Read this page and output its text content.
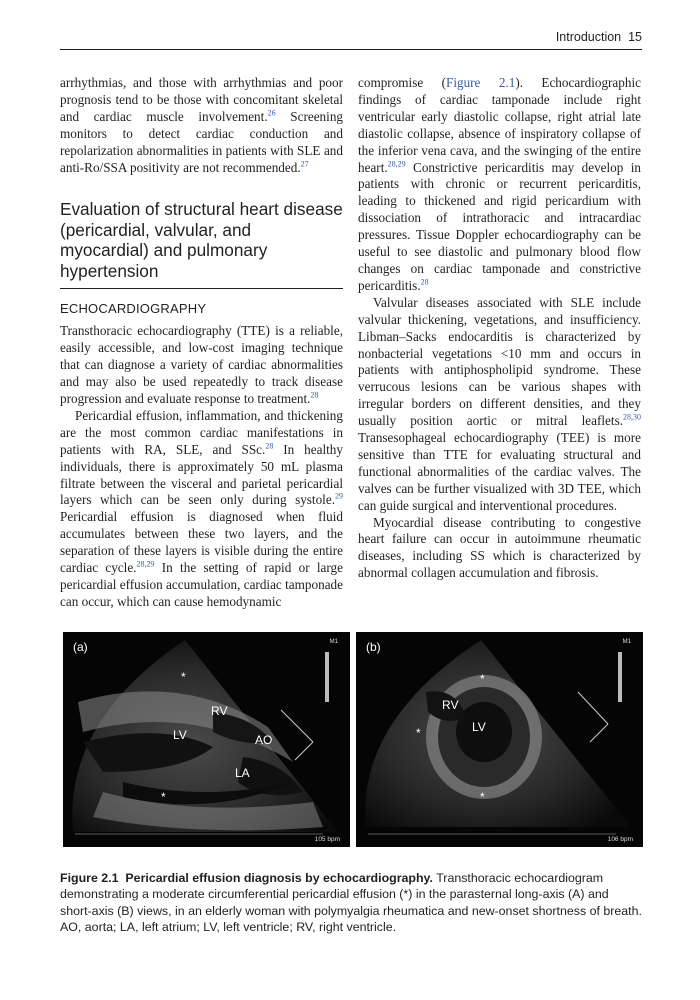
Introduction 15

arrhythmias, and those with arrhythmias and poor prognosis tend to be those with concomitant skeletal and cardiac muscle involvement.$^{26}$ Screening monitors to detect cardiac conduction and repolarization abnormalities in patients with SLE and anti-Ro/SSA positivity are not recommended.$^{27}$

Evaluation of structural heart disease (pericardial, valvular, and myocardial) and pulmonary hypertension
ECHOCARDIOGRAPHY

Transthoracic echocardiography (TTE) is a reliable, easily accessible, and low-cost imaging technique that can diagnose a variety of cardiac abnormalities and may also be used repeatedly to track disease progression and evaluate response to treatment.$^{28}$

Pericardial effusion, inflammation, and thickening are the most common cardiac manifestations in patients with RA, SLE, and SSc.$^{28}$ In healthy individuals, there is approximately 50 mL plasma filtrate between the visceral and parietal pericardial layers which can be seen only during systole.$^{29}$ Pericardial effusion is diagnosed when fluid accumulates between these two layers, and the separation of these layers is visible during the entire cardiac cycle.$^{28,29}$ In the setting of rapid or large pericardial effusion accumulation, cardiac tamponade can occur, which can cause hemodynamic

compromise (Figure 2.1). Echocardiographic findings of cardiac tamponade include right ventricular early diastolic collapse, right atrial late diastolic collapse, absence of inspiratory collapse of the inferior vena cava, and the swinging of the entire heart.$^{28,29}$ Constrictive pericarditis may develop in patients with chronic or recurrent pericarditis, leading to thickened and rigid pericardium with dissociation of intrathoracic and intracardiac pressures. Tissue Doppler echocardiography can be useful to see diastolic and pulmonary blood flow changes on cardiac tamponade and constrictive pericarditis.$^{28}$

Valvular diseases associated with SLE include valvular thickening, vegetations, and insufficiency. Libman–Sacks endocarditis is characterized by nonbacterial vegetations <10 mm and occurs in patients with antiphospholipid syndrome. These verrucous lesions can be various shapes with irregular borders on different densities, and they usually position aortic or mitral leaflets.$^{28,30}$ Transesophageal echocardiography (TEE) is more sensitive than TTE for evaluating structural and functional abnormalities of the cardiac valves. The valves can be further visualized with 3D TEE, which can guide surgical and interventional procedures.

Myocardial disease contributing to congestive heart failure can occur in autoimmune rheumatic diseases, including SS which is characterized by abnormal collagen accumulation and fibrosis.

(a)	M1
*
RV
LV	AO
LA
*
105 bpm
(b)	M1
*
RV
LV
*
*
106 bpm
Figure 2.1 Pericardial effusion diagnosis by echocardiography. Transthoracic echocardiogram demonstrating a moderate circumferential pericardial effusion (*) in the parasternal long-axis (A) and short-axis (B) views, in an elderly woman with polymyalgia rheumatica and new-onset shortness of breath. AO, aorta; LA, left atrium; LV, left ventricle; RV, right ventricle.
